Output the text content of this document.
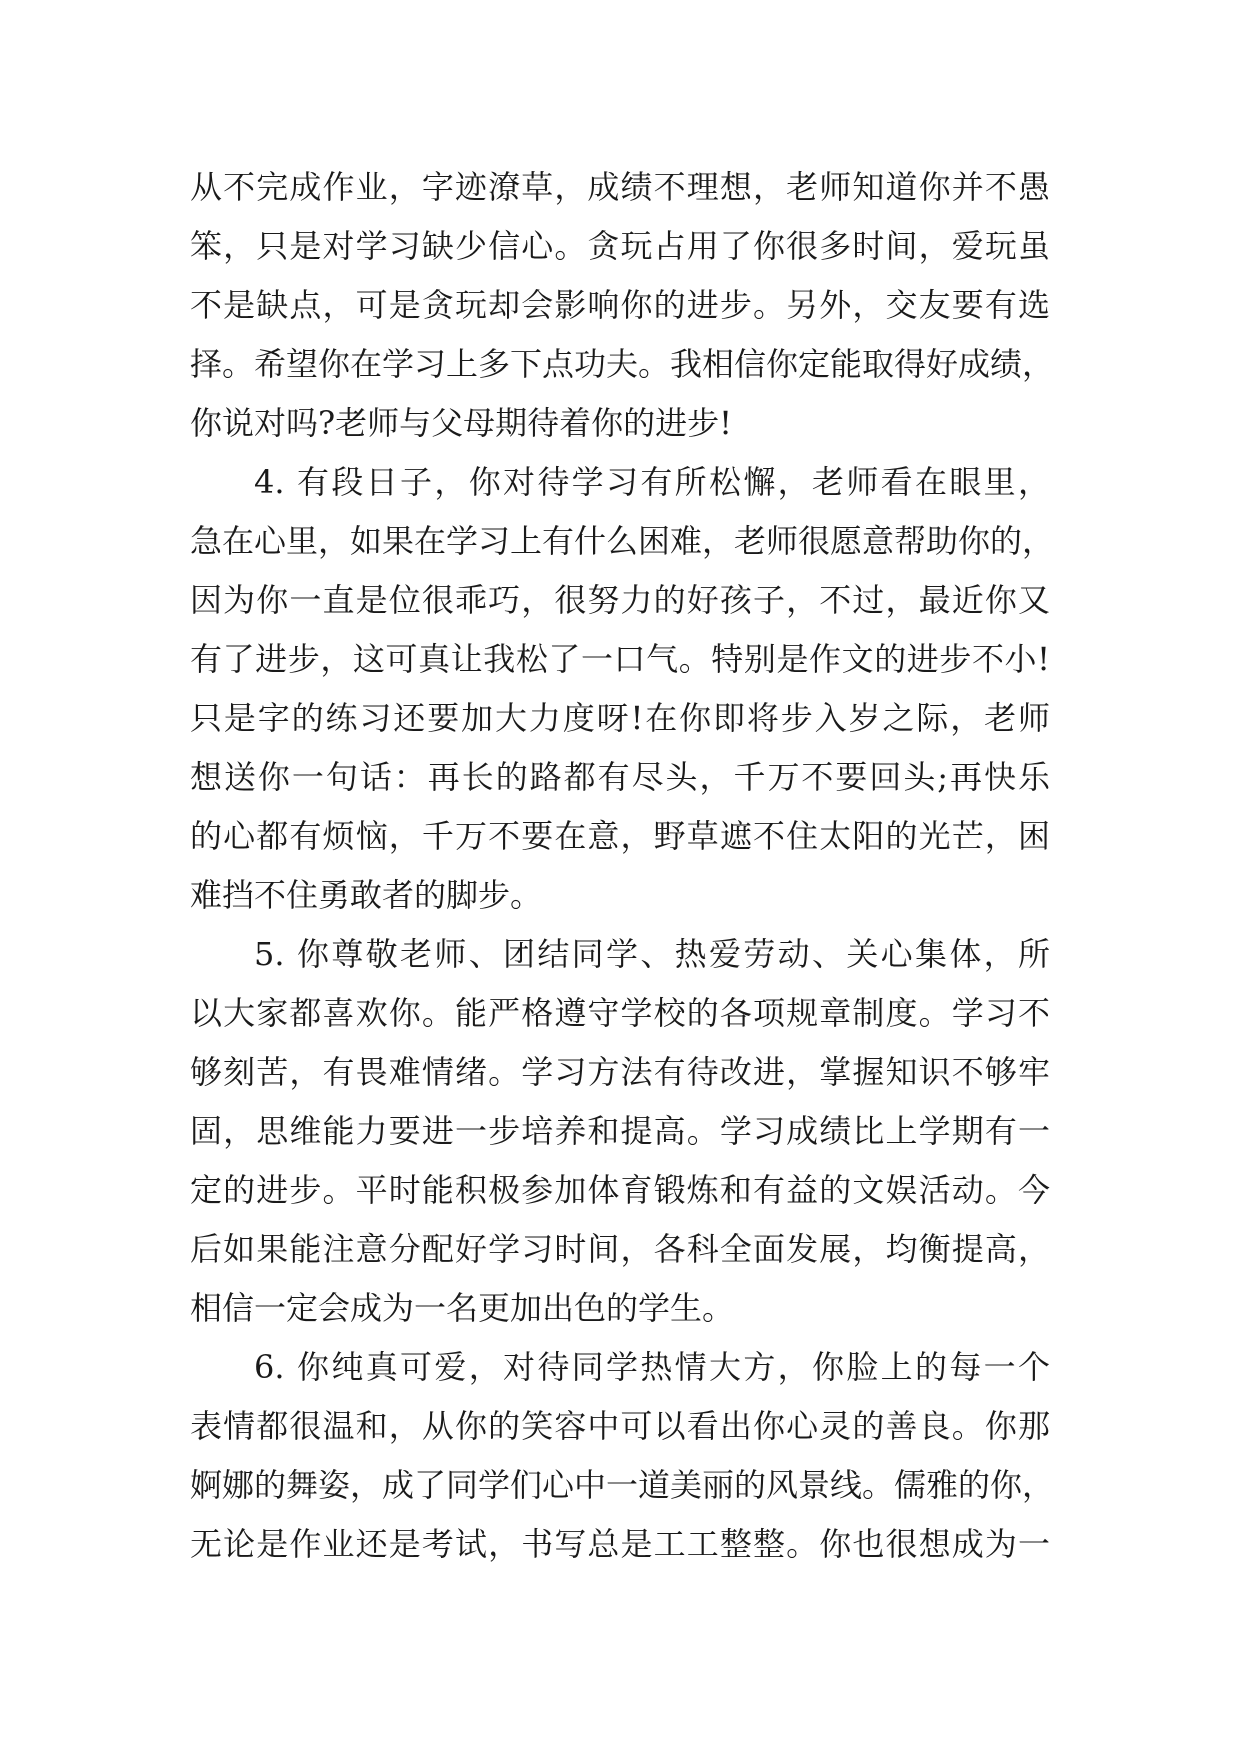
从不完成作业，字迹潦草，成绩不理想，老师知道你并不愚
笨，只是对学习缺少信心。贪玩占用了你很多时间，爱玩虽
不是缺点，可是贪玩却会影响你的进步。另外，交友要有选
择。希望你在学习上多下点功夫。我相信你定能取得好成绩，
你说对吗?老师与父母期待着你的进步!
4. 有段日子，你对待学习有所松懈，老师看在眼里，
急在心里，如果在学习上有什么困难，老师很愿意帮助你的，
因为你一直是位很乖巧，很努力的好孩子，不过，最近你又
有了进步，这可真让我松了一口气。特别是作文的进步不小!
只是字的练习还要加大力度呀!在你即将步入岁之际，老师
想送你一句话：再长的路都有尽头，千万不要回头;再快乐
的心都有烦恼，千万不要在意，野草遮不住太阳的光芒，困
难挡不住勇敢者的脚步。
5. 你尊敬老师、团结同学、热爱劳动、关心集体，所
以大家都喜欢你。能严格遵守学校的各项规章制度。学习不
够刻苦，有畏难情绪。学习方法有待改进，掌握知识不够牢
固，思维能力要进一步培养和提高。学习成绩比上学期有一
定的进步。平时能积极参加体育锻炼和有益的文娱活动。今
后如果能注意分配好学习时间，各科全面发展，均衡提高，
相信一定会成为一名更加出色的学生。
6. 你纯真可爱，对待同学热情大方，你脸上的每一个
表情都很温和，从你的笑容中可以看出你心灵的善良。你那
婀娜的舞姿，成了同学们心中一道美丽的风景线。儒雅的你，
无论是作业还是考试，书写总是工工整整。你也很想成为一
